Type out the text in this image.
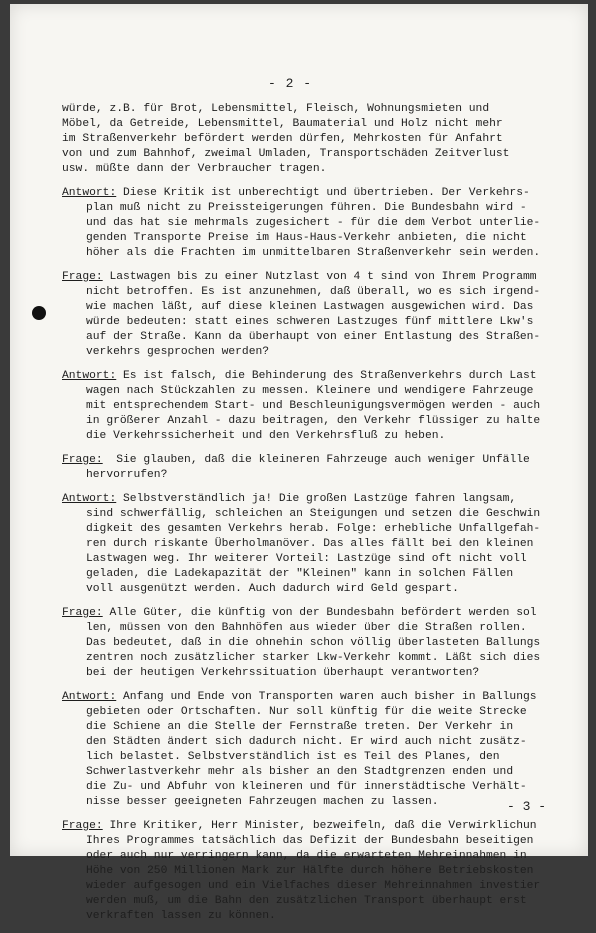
- 2 -
würde, z.B. für Brot, Lebensmittel, Fleisch, Wohnungsmieten und
Möbel, da Getreide, Lebensmittel, Baumaterial und Holz nicht mehr
im Straßenverkehr befördert werden dürfen, Mehrkosten für Anfahrt
von und zum Bahnhof, zweimal Umladen, Transportschäden Zeitverlust
usw. müßte dann der Verbraucher tragen.
Antwort: Diese Kritik ist unberechtigt und übertrieben. Der Verkehrs-
plan muß nicht zu Preissteigerungen führen. Die Bundesbahn wird -
und das hat sie mehrmals zugesichert - für die dem Verbot unterlie-
genden Transporte Preise im Haus-Haus-Verkehr anbieten, die nicht
höher als die Frachten im unmittelbaren Straßenverkehr sein werden.
Frage: Lastwagen bis zu einer Nutzlast von 4 t sind von Ihrem Programm
nicht betroffen. Es ist anzunehmen, daß überall, wo es sich irgend-
wie machen läßt, auf diese kleinen Lastwagen ausgewichen wird. Das
würde bedeuten: statt eines schweren Lastzuges fünf mittlere Lkw's
auf der Straße. Kann da überhaupt von einer Entlastung des Straßen-
verkehrs gesprochen werden?
Antwort: Es ist falsch, die Behinderung des Straßenverkehrs durch Last
wagen nach Stückzahlen zu messen. Kleinere und wendigere Fahrzeuge
mit entsprechendem Start- und Beschleunigungsvermögen werden - auch
in größerer Anzahl - dazu beitragen, den Verkehr flüssiger zu halte
die Verkehrssicherheit und den Verkehrsfluß zu heben.
Frage:  Sie glauben, daß die kleineren Fahrzeuge auch weniger Unfälle
hervorrufen?
Antwort: Selbstverständlich ja! Die großen Lastzüge fahren langsam,
sind schwerfällig, schleichen an Steigungen und setzen die Geschwin
digkeit des gesamten Verkehrs herab. Folge: erhebliche Unfallgefah-
ren durch riskante Überholmanöver. Das alles fällt bei den kleinen
Lastwagen weg. Ihr weiterer Vorteil: Lastzüge sind oft nicht voll
geladen, die Ladekapazität der "Kleinen" kann in solchen Fällen
voll ausgenützt werden. Auch dadurch wird Geld gespart.
Frage: Alle Güter, die künftig von der Bundesbahn befördert werden sol
len, müssen von den Bahnhöfen aus wieder über die Straßen rollen.
Das bedeutet, daß in die ohnehin schon völlig überlasteten Ballungs
zentren noch zusätzlicher starker Lkw-Verkehr kommt. Läßt sich dies
bei der heutigen Verkehrssituation überhaupt verantworten?
Antwort: Anfang und Ende von Transporten waren auch bisher in Ballungs
gebieten oder Ortschaften. Nur soll künftig für die weite Strecke
die Schiene an die Stelle der Fernstraße treten. Der Verkehr in
den Städten ändert sich dadurch nicht. Er wird auch nicht zusätz-
lich belastet. Selbstverständlich ist es Teil des Planes, den
Schwerlastverkehr mehr als bisher an den Stadtgrenzen enden und
die Zu- und Abfuhr von kleineren und für innerstädtische Verhält-
nisse besser geeigneten Fahrzeugen machen zu lassen.
Frage: Ihre Kritiker, Herr Minister, bezweifeln, daß die Verwirklichun
Ihres Programmes tatsächlich das Defizit der Bundesbahn beseitigen
oder auch nur verringern kann, da die erwarteten Mehreinnahmen in
Höhe von 250 Millionen Mark zur Hälfte durch höhere Betriebskosten
wieder aufgesogen und ein Vielfaches dieser Mehreinnahmen investier
werden muß, um die Bahn den zusätzlichen Transport überhaupt erst
verkraften lassen zu können.
- 3 -
